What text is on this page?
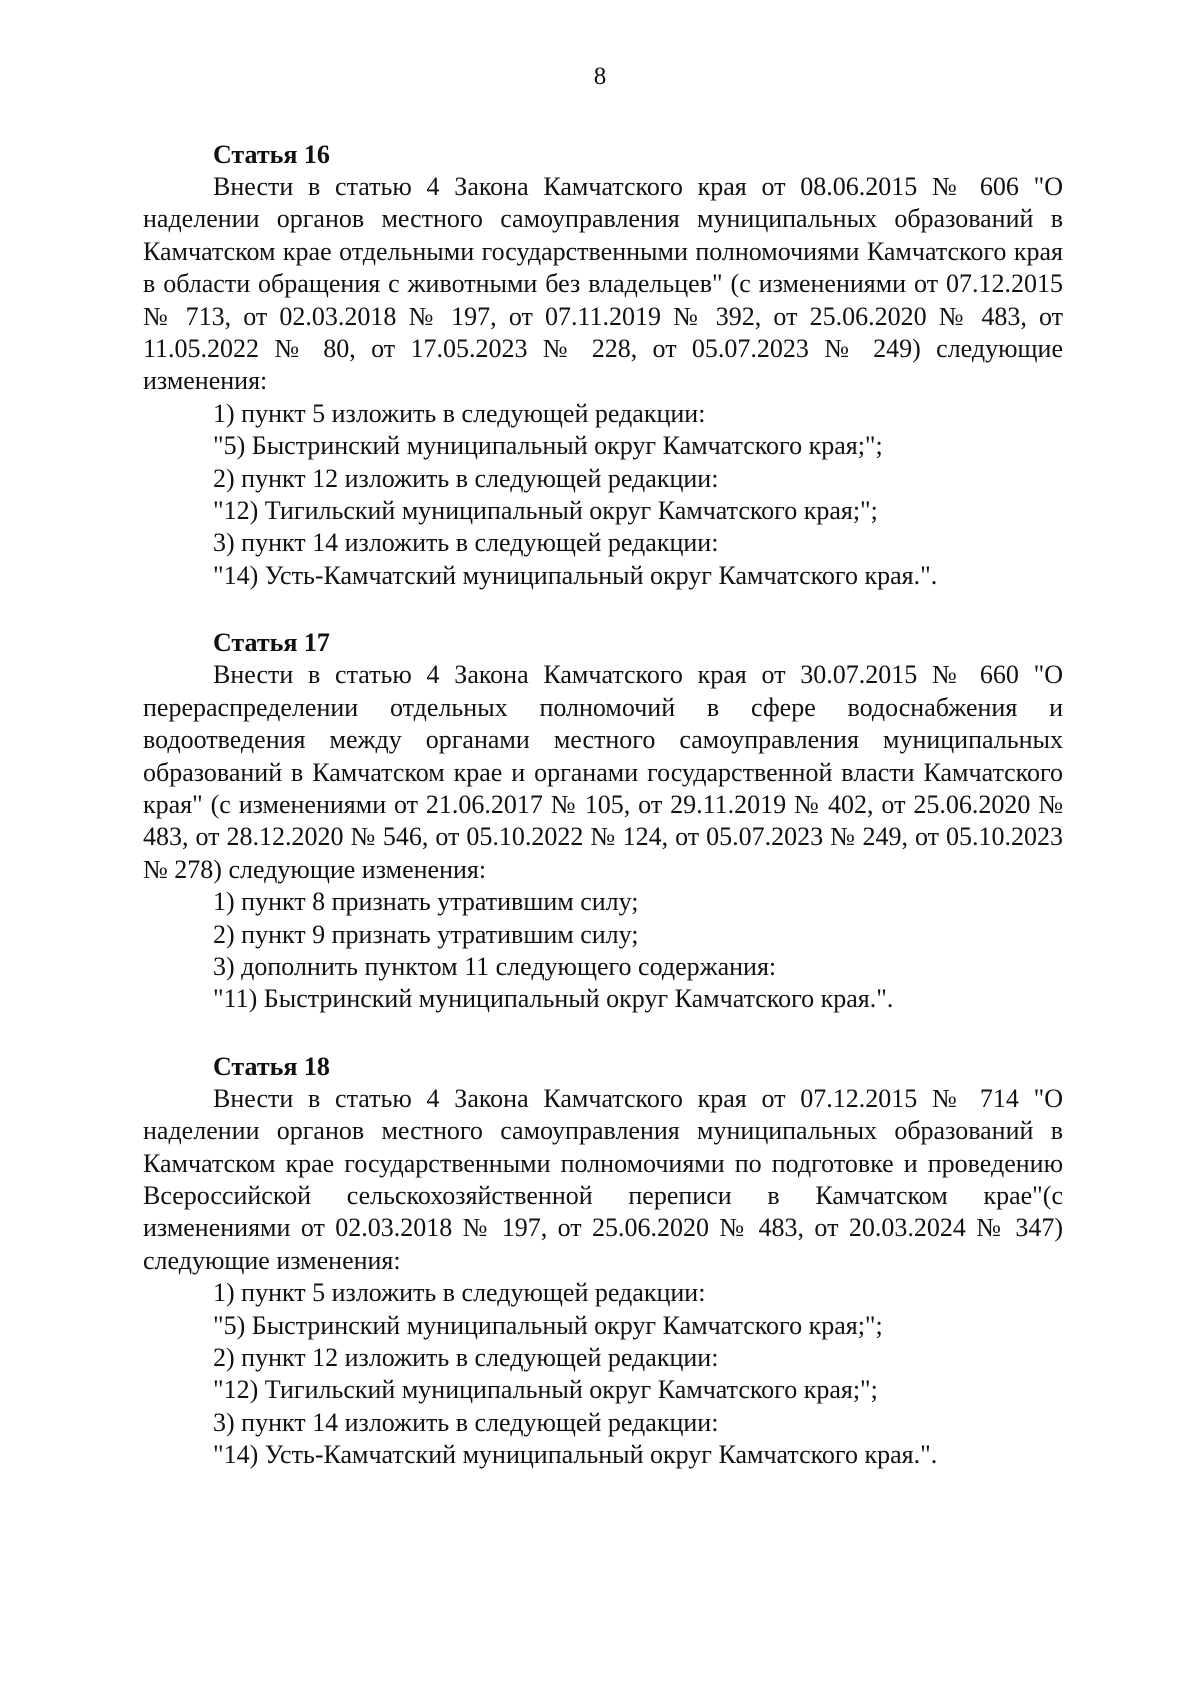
8
Статья 16

Внести в статью 4 Закона Камчатского края от 08.06.2015 № 606 "О наделении органов местного самоуправления муниципальных образований в Камчатском крае отдельными государственными полномочиями Камчатского края в области обращения с животными без владельцев" (с изменениями от 07.12.2015 № 713, от 02.03.2018 № 197, от 07.11.2019 № 392, от 25.06.2020 № 483, от 11.05.2022 № 80, от 17.05.2023 № 228, от 05.07.2023 № 249) следующие изменения:

1) пункт 5 изложить в следующей редакции:

"5) Быстринский муниципальный округ Камчатского края;";

2) пункт 12 изложить в следующей редакции:

"12) Тигильский муниципальный округ Камчатского края;";

3) пункт 14 изложить в следующей редакции:

"14) Усть-Камчатский муниципальный округ Камчатского края.".

Статья 17

Внести в статью 4 Закона Камчатского края от 30.07.2015 № 660 "О перераспределении отдельных полномочий в сфере водоснабжения и водоотведения между органами местного самоуправления муниципальных образований в Камчатском крае и органами государственной власти Камчатского края" (с изменениями от 21.06.2017 № 105, от 29.11.2019 № 402, от 25.06.2020 № 483, от 28.12.2020 № 546, от 05.10.2022 № 124, от 05.07.2023 № 249, от 05.10.2023 № 278) следующие изменения:

1) пункт 8 признать утратившим силу;

2) пункт 9 признать утратившим силу;

3) дополнить пунктом 11 следующего содержания:

"11) Быстринский муниципальный округ Камчатского края.".

Статья 18

Внести в статью 4 Закона Камчатского края от 07.12.2015 № 714 "О наделении органов местного самоуправления муниципальных образований в Камчатском крае государственными полномочиями по подготовке и проведению Всероссийской сельскохозяйственной переписи в Камчатском крае"(с изменениями от 02.03.2018 № 197, от 25.06.2020 № 483, от 20.03.2024 № 347) следующие изменения:

1) пункт 5 изложить в следующей редакции:

"5) Быстринский муниципальный округ Камчатского края;";

2) пункт 12 изложить в следующей редакции:

"12) Тигильский муниципальный округ Камчатского края;";

3) пункт 14 изложить в следующей редакции:

"14) Усть-Камчатский муниципальный округ Камчатского края.".
